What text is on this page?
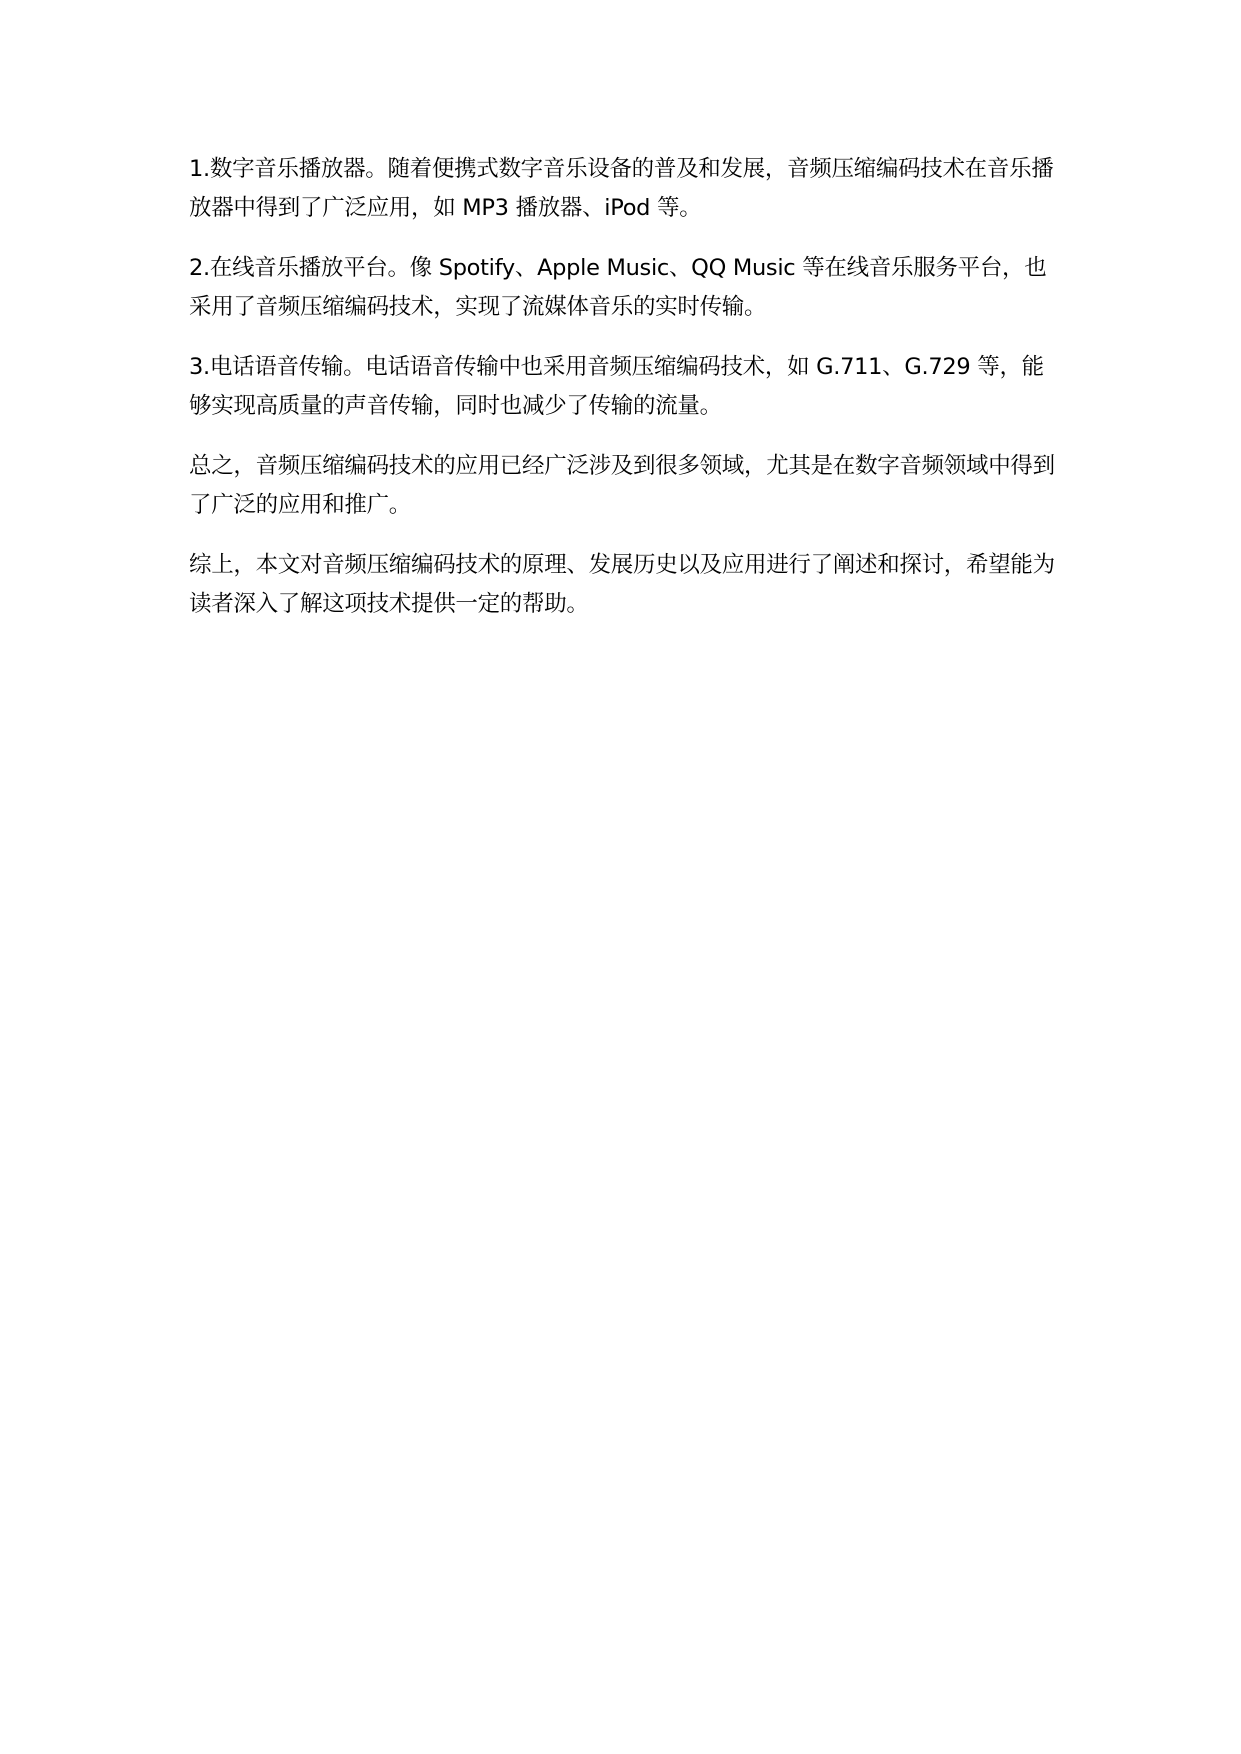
1.数字音乐播放器。随着便携式数字音乐设备的普及和发展，音频压缩编码技术在音乐播放器中得到了广泛应用，如 MP3 播放器、iPod 等。

2.在线音乐播放平台。像 Spotify、Apple Music、QQ Music 等在线音乐服务平台，也采用了音频压缩编码技术，实现了流媒体音乐的实时传输。

3.电话语音传输。电话语音传输中也采用音频压缩编码技术，如 G.711、G.729 等，能够实现高质量的声音传输，同时也减少了传输的流量。

总之，音频压缩编码技术的应用已经广泛涉及到很多领域，尤其是在数字音频领域中得到了广泛的应用和推广。

综上，本文对音频压缩编码技术的原理、发展历史以及应用进行了阐述和探讨，希望能为读者深入了解这项技术提供一定的帮助。
